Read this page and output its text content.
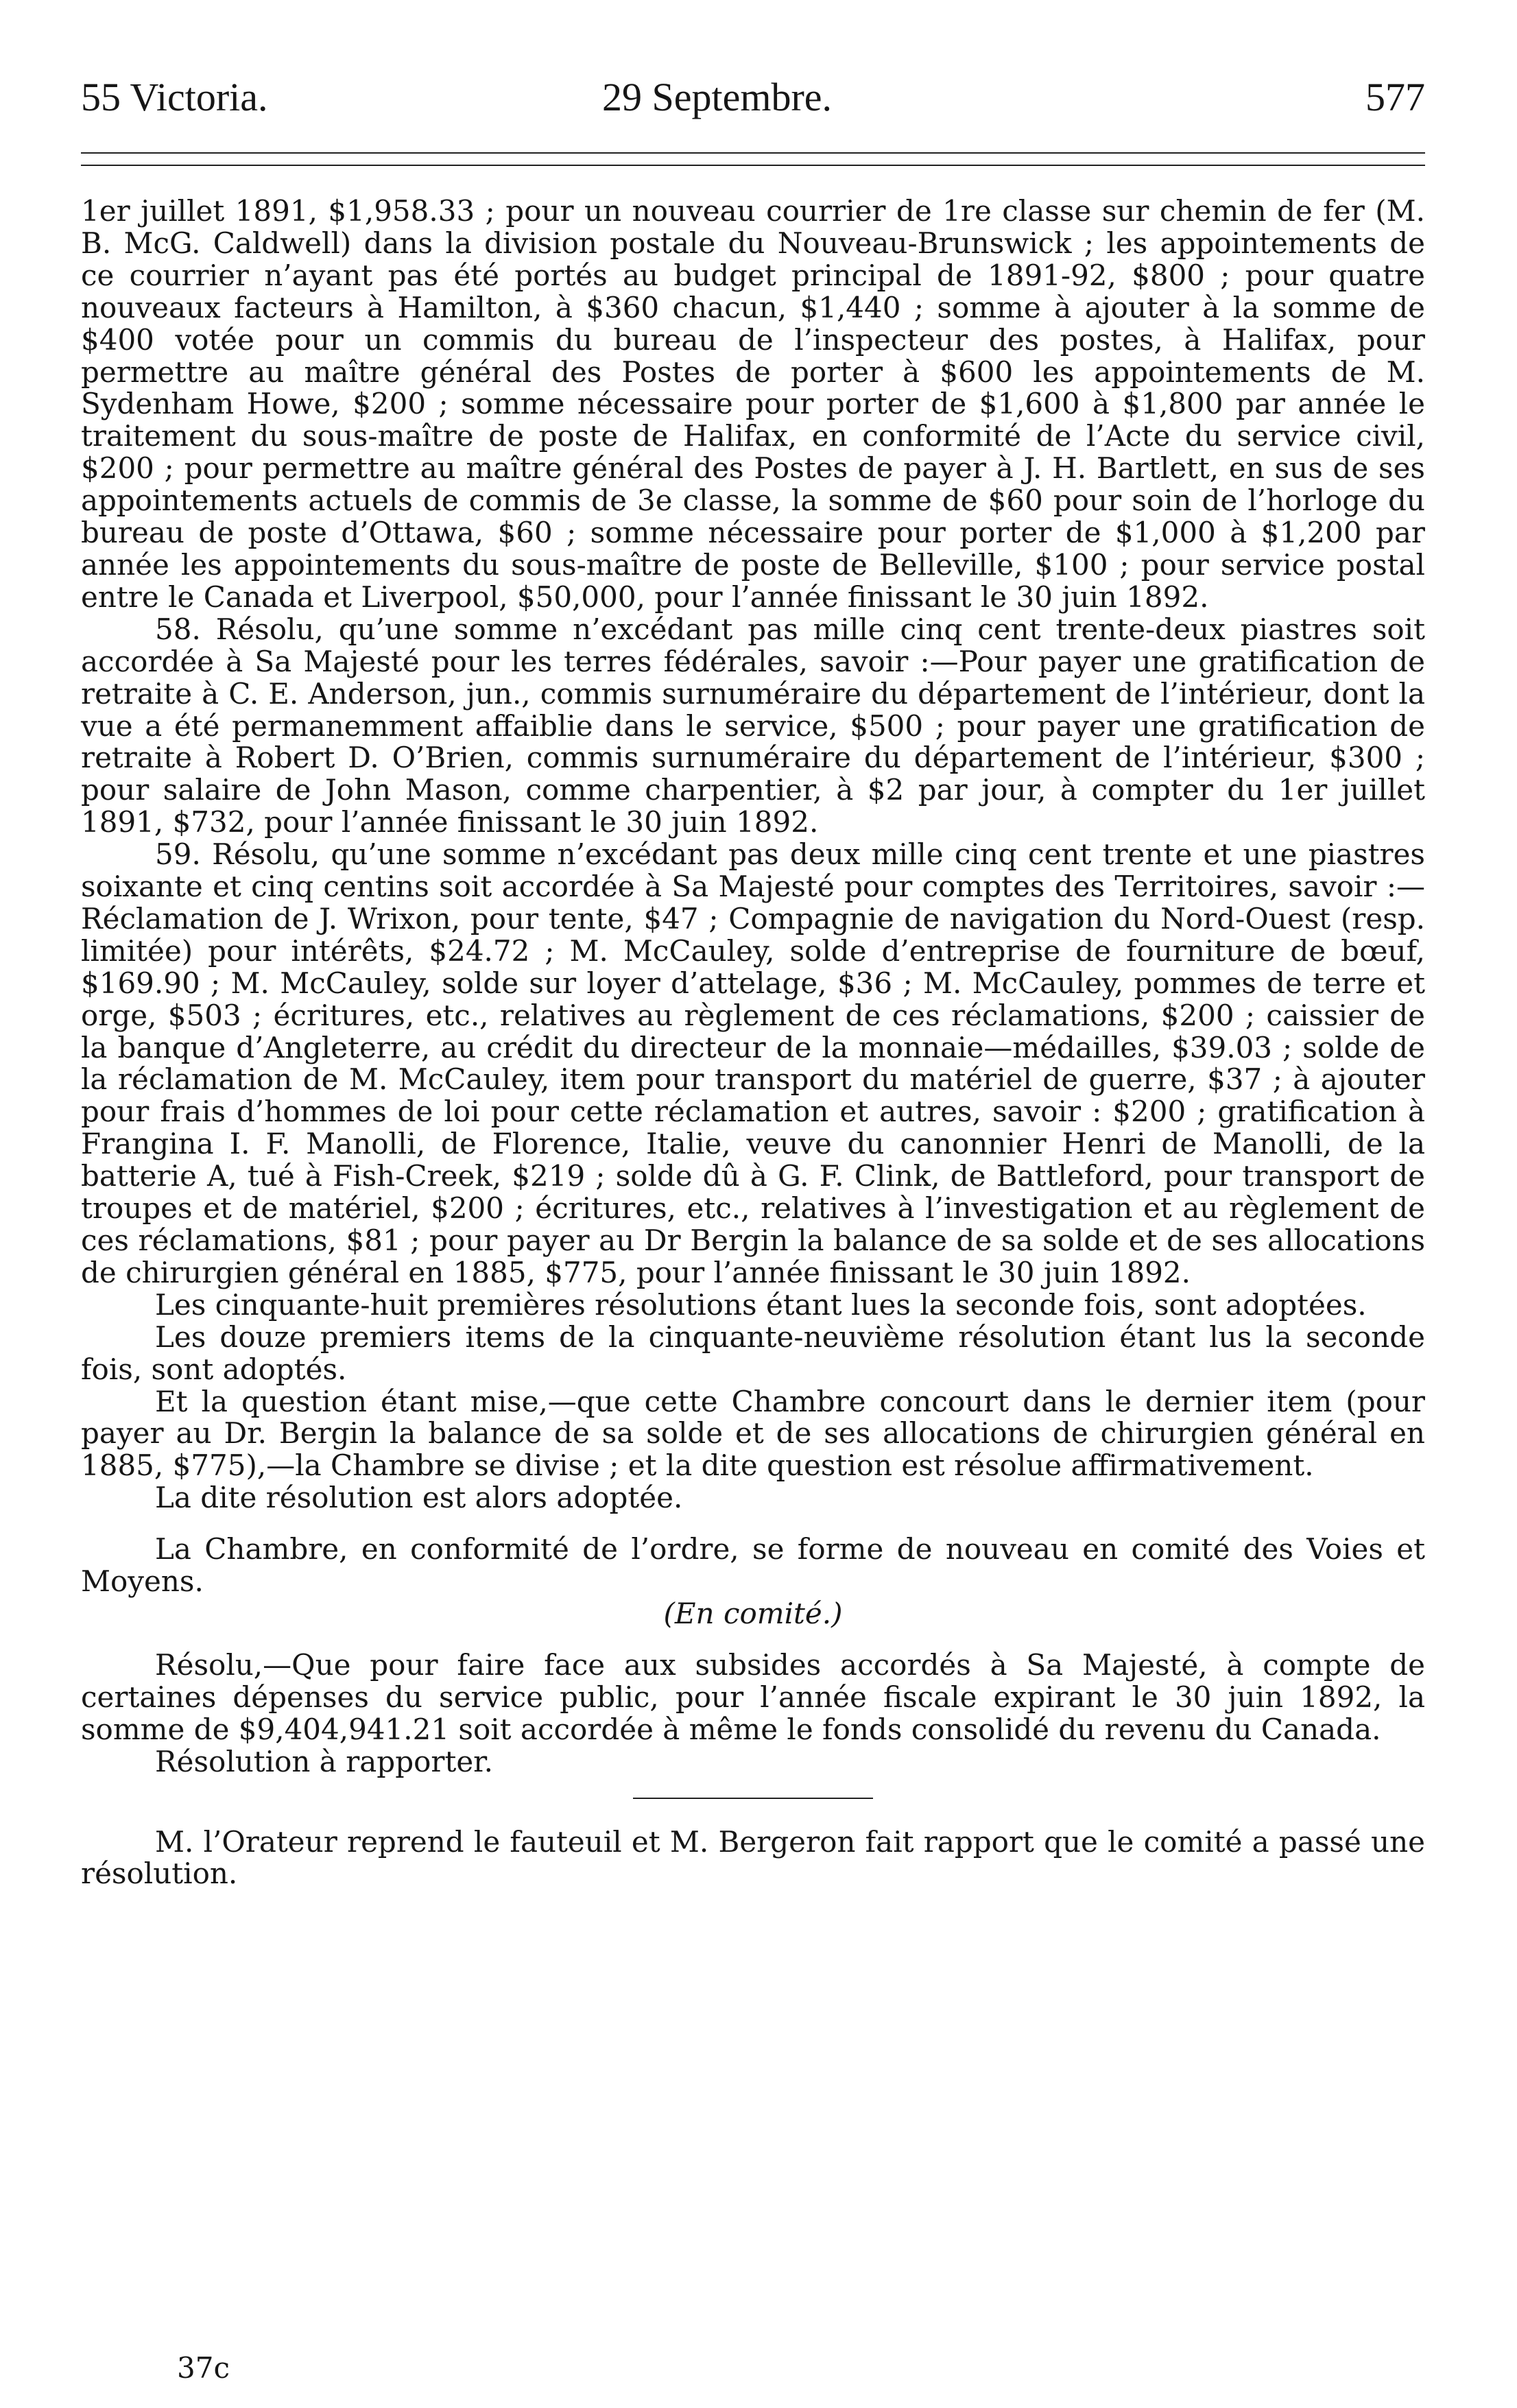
55 Victoria.	29 Septembre.	577

1er juillet 1891, $1,958.33 ; pour un nouveau courrier de 1re classe sur chemin de fer (M. B. McG. Caldwell) dans la division postale du Nouveau-Brunswick ; les appointements de ce courrier n’ayant pas été portés au budget principal de 1891-92, $800 ; pour quatre nouveaux facteurs à Hamilton, à $360 chacun, $1,440 ; somme à ajouter à la somme de $400 votée pour un commis du bureau de l’inspecteur des postes, à Halifax, pour permettre au maître général des Postes de porter à $600 les appointements de M. Sydenham Howe, $200 ; somme nécessaire pour porter de $1,600 à $1,800 par année le traitement du sous-maître de poste de Halifax, en conformité de l’Acte du service civil, $200 ; pour permettre au maître général des Postes de payer à J. H. Bartlett, en sus de ses appointements actuels de commis de 3e classe, la somme de $60 pour soin de l’horloge du bureau de poste d’Ottawa, $60 ; somme nécessaire pour porter de $1,000 à $1,200 par année les appointements du sous-maître de poste de Belleville, $100 ; pour service postal entre le Canada et Liverpool, $50,000, pour l’année finissant le 30 juin 1892.

58. Résolu, qu’une somme n’excédant pas mille cinq cent trente-deux piastres soit accordée à Sa Majesté pour les terres fédérales, savoir :—Pour payer une gratification de retraite à C. E. Anderson, jun., commis surnuméraire du département de l’intérieur, dont la vue a été permanemment affaiblie dans le service, $500 ; pour payer une gratification de retraite à Robert D. O’Brien, commis surnuméraire du département de l’intérieur, $300 ; pour salaire de John Mason, comme charpentier, à $2 par jour, à compter du 1er juillet 1891, $732, pour l’année finissant le 30 juin 1892.

59. Résolu, qu’une somme n’excédant pas deux mille cinq cent trente et une piastres soixante et cinq centins soit accordée à Sa Majesté pour comptes des Territoires, savoir :—Réclamation de J. Wrixon, pour tente, $47 ; Compagnie de navigation du Nord-Ouest (resp. limitée) pour intérêts, $24.72 ; M. McCauley, solde d’entreprise de fourniture de bœuf, $169.90 ; M. McCauley, solde sur loyer d’attelage, $36 ; M. McCauley, pommes de terre et orge, $503 ; écritures, etc., relatives au règlement de ces réclamations, $200 ; caissier de la banque d’Angleterre, au crédit du directeur de la monnaie—médailles, $39.03 ; solde de la réclamation de M. McCauley, item pour transport du matériel de guerre, $37 ; à ajouter pour frais d’hommes de loi pour cette réclamation et autres, savoir : $200 ; gratification à Frangina I. F. Manolli, de Florence, Italie, veuve du canonnier Henri de Manolli, de la batterie A, tué à Fish-Creek, $219 ; solde dû à G. F. Clink, de Battleford, pour transport de troupes et de matériel, $200 ; écritures, etc., relatives à l’investigation et au règlement de ces réclamations, $81 ; pour payer au Dr Bergin la balance de sa solde et de ses allocations de chirurgien général en 1885, $775, pour l’année finissant le 30 juin 1892.

Les cinquante-huit premières résolutions étant lues la seconde fois, sont adoptées.

Les douze premiers items de la cinquante-neuvième résolution étant lus la seconde fois, sont adoptés.

Et la question étant mise,—que cette Chambre concourt dans le dernier item (pour payer au Dr. Bergin la balance de sa solde et de ses allocations de chirurgien général en 1885, $775),—la Chambre se divise ; et la dite question est résolue affirmativement.

La dite résolution est alors adoptée.

La Chambre, en conformité de l’ordre, se forme de nouveau en comité des Voies et Moyens.

(En comité.)

Résolu,—Que pour faire face aux subsides accordés à Sa Majesté, à compte de certaines dépenses du service public, pour l’année fiscale expirant le 30 juin 1892, la somme de $9,404,941.21 soit accordée à même le fonds consolidé du revenu du Canada.

Résolution à rapporter.

M. l’Orateur reprend le fauteuil et M. Bergeron fait rapport que le comité a passé une résolution.

37c
